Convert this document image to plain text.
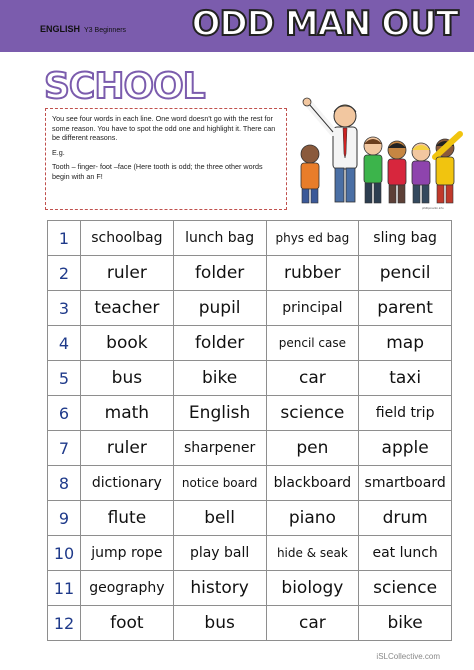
ENGLISH Y3 Beginners ODD MAN OUT
SCHOOL

You see four words in each line. One word doesn't go with the rest for some reason. You have to spot the odd one and highlight it. There can be different reasons.

E.g.

Tooth – finger- foot –face (Here tooth is odd; the three other words begin with an F!

phillipmartin.info
1	schoolbag	lunch bag	phys ed bag	sling bag
2	ruler	folder	rubber	pencil
3	teacher	pupil	principal	parent
4	book	folder	pencil case	map
5	bus	bike	car	taxi
6	math	English	science	field trip
7	ruler	sharpener	pen	apple
8	dictionary	notice board	blackboard	smartboard
9	flute	bell	piano	drum
10	jump rope	play ball	hide & seak	eat lunch
11	geography	history	biology	science
12	foot	bus	car	bike
iSLCollective.com
